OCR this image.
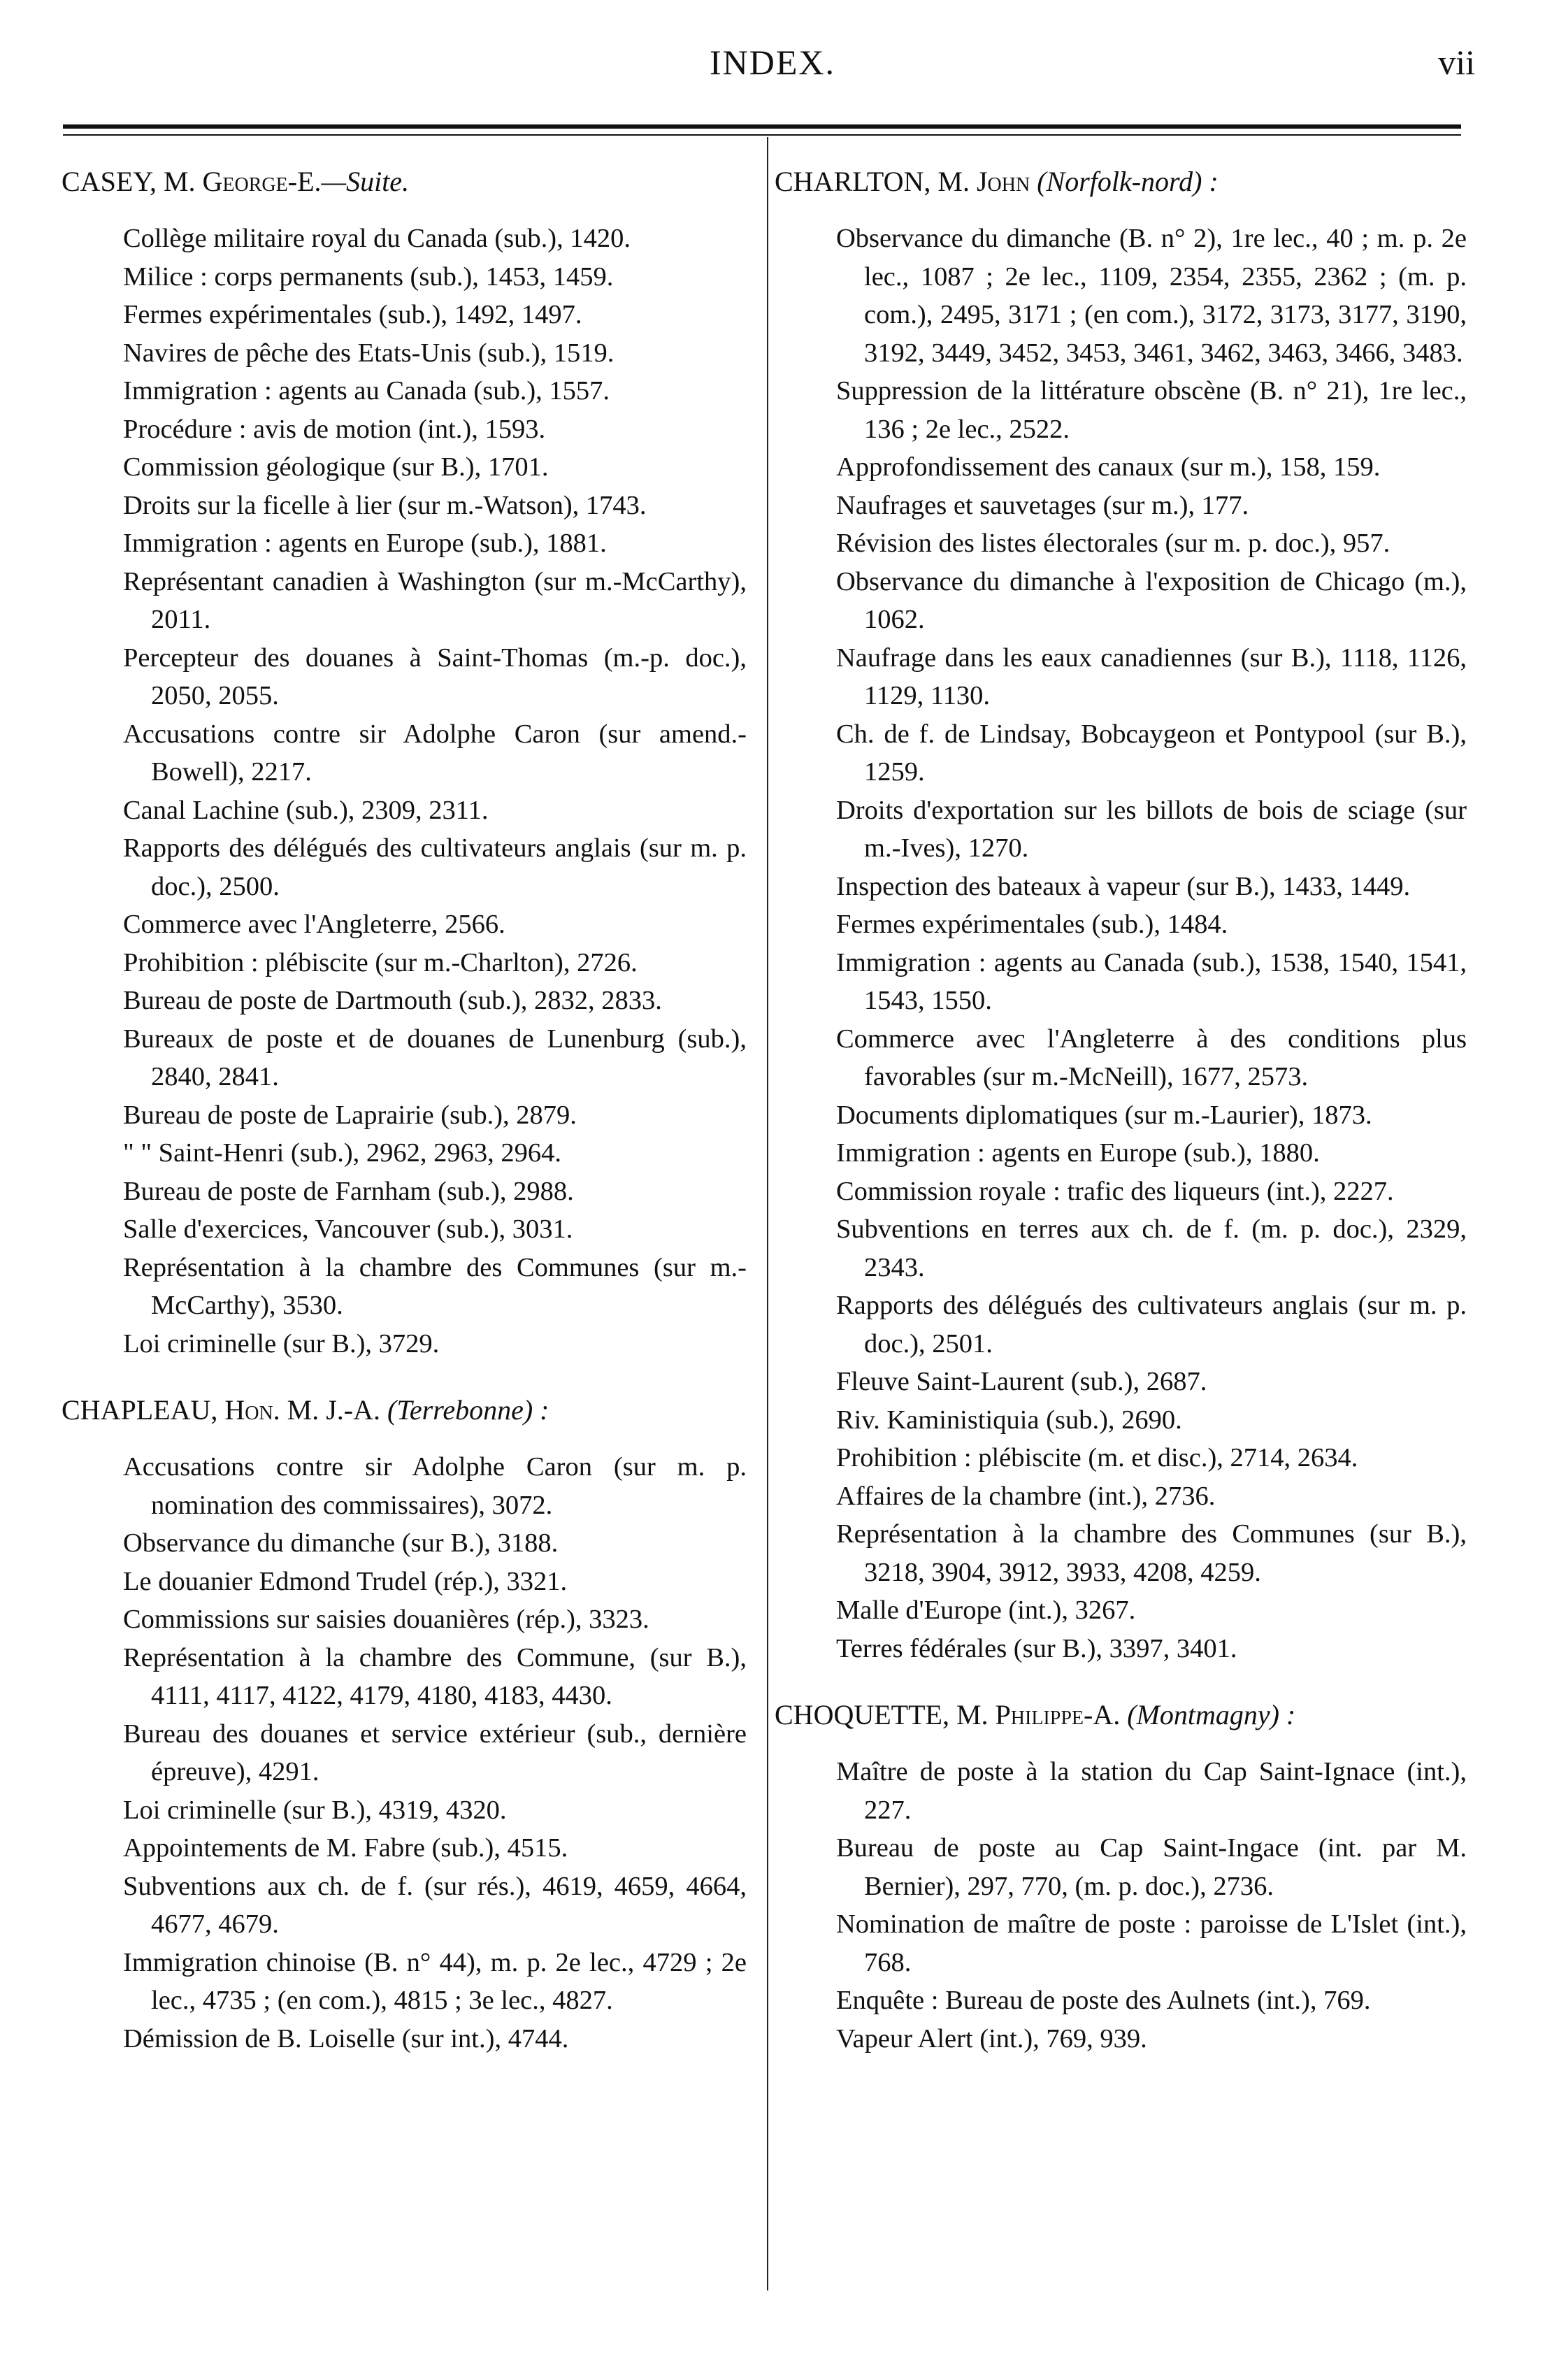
INDEX.	vii
CASEY, M. George-E.—Suite.
Collège militaire royal du Canada (sub.), 1420.
Milice : corps permanents (sub.), 1453, 1459.
Fermes expérimentales (sub.), 1492, 1497.
Navires de pêche des Etats-Unis (sub.), 1519.
Immigration : agents au Canada (sub.), 1557.
Procédure : avis de motion (int.), 1593.
Commission géologique (sur B.), 1701.
Droits sur la ficelle à lier (sur m.-Watson), 1743.
Immigration : agents en Europe (sub.), 1881.
Représentant canadien à Washington (sur m.-McCarthy), 2011.
Percepteur des douanes à Saint-Thomas (m.-p. doc.), 2050, 2055.
Accusations contre sir Adolphe Caron (sur amend.-Bowell), 2217.
Canal Lachine (sub.), 2309, 2311.
Rapports des délégués des cultivateurs anglais (sur m. p. doc.), 2500.
Commerce avec l'Angleterre, 2566.
Prohibition : plébiscite (sur m.-Charlton), 2726.
Bureau de poste de Dartmouth (sub.), 2832, 2833.
Bureaux de poste et de douanes de Lunenburg (sub.), 2840, 2841.
Bureau de poste de Laprairie (sub.), 2879.
" " Saint-Henri (sub.), 2962, 2963, 2964.
Bureau de poste de Farnham (sub.), 2988.
Salle d'exercices, Vancouver (sub.), 3031.
Représentation à la chambre des Communes (sur m.-McCarthy), 3530.
Loi criminelle (sur B.), 3729.
CHAPLEAU, Hon. M. J.-A. (Terrebonne) :
Accusations contre sir Adolphe Caron (sur m. p. nomination des commissaires), 3072.
Observance du dimanche (sur B.), 3188.
Le douanier Edmond Trudel (rép.), 3321.
Commissions sur saisies douanières (rép.), 3323.
Représentation à la chambre des Commune, (sur B.), 4111, 4117, 4122, 4179, 4180, 4183, 4430.
Bureau des douanes et service extérieur (sub., dernière épreuve), 4291.
Loi criminelle (sur B.), 4319, 4320.
Appointements de M. Fabre (sub.), 4515.
Subventions aux ch. de f. (sur rés.), 4619, 4659, 4664, 4677, 4679.
Immigration chinoise (B. n° 44), m. p. 2e lec., 4729 ; 2e lec., 4735 ; (en com.), 4815 ; 3e lec., 4827.
Démission de B. Loiselle (sur int.), 4744.
CHARLTON, M. John (Norfolk-nord) :
Observance du dimanche (B. n° 2), 1re lec., 40 ; m. p. 2e lec., 1087 ; 2e lec., 1109, 2354, 2355, 2362 ; (m. p. com.), 2495, 3171 ; (en com.), 3172, 3173, 3177, 3190, 3192, 3449, 3452, 3453, 3461, 3462, 3463, 3466, 3483.
Suppression de la littérature obscène (B. n° 21), 1re lec., 136 ; 2e lec., 2522.
Approfondissement des canaux (sur m.), 158, 159.
Naufrages et sauvetages (sur m.), 177.
Révision des listes électorales (sur m. p. doc.), 957.
Observance du dimanche à l'exposition de Chicago (m.), 1062.
Naufrage dans les eaux canadiennes (sur B.), 1118, 1126, 1129, 1130.
Ch. de f. de Lindsay, Bobcaygeon et Pontypool (sur B.), 1259.
Droits d'exportation sur les billots de bois de sciage (sur m.-Ives), 1270.
Inspection des bateaux à vapeur (sur B.), 1433, 1449.
Fermes expérimentales (sub.), 1484.
Immigration : agents au Canada (sub.), 1538, 1540, 1541, 1543, 1550.
Commerce avec l'Angleterre à des conditions plus favorables (sur m.-McNeill), 1677, 2573.
Documents diplomatiques (sur m.-Laurier), 1873.
Immigration : agents en Europe (sub.), 1880.
Commission royale : trafic des liqueurs (int.), 2227.
Subventions en terres aux ch. de f. (m. p. doc.), 2329, 2343.
Rapports des délégués des cultivateurs anglais (sur m. p. doc.), 2501.
Fleuve Saint-Laurent (sub.), 2687.
Riv. Kaministiquia (sub.), 2690.
Prohibition : plébiscite (m. et disc.), 2714, 2634.
Affaires de la chambre (int.), 2736.
Représentation à la chambre des Communes (sur B.), 3218, 3904, 3912, 3933, 4208, 4259.
Malle d'Europe (int.), 3267.
Terres fédérales (sur B.), 3397, 3401.
CHOQUETTE, M. Philippe-A. (Montmagny) :
Maître de poste à la station du Cap Saint-Ignace (int.), 227.
Bureau de poste au Cap Saint-Ingace (int. par M. Bernier), 297, 770, (m. p. doc.), 2736.
Nomination de maître de poste : paroisse de L'Islet (int.), 768.
Enquête : Bureau de poste des Aulnets (int.), 769.
Vapeur Alert (int.), 769, 939.
